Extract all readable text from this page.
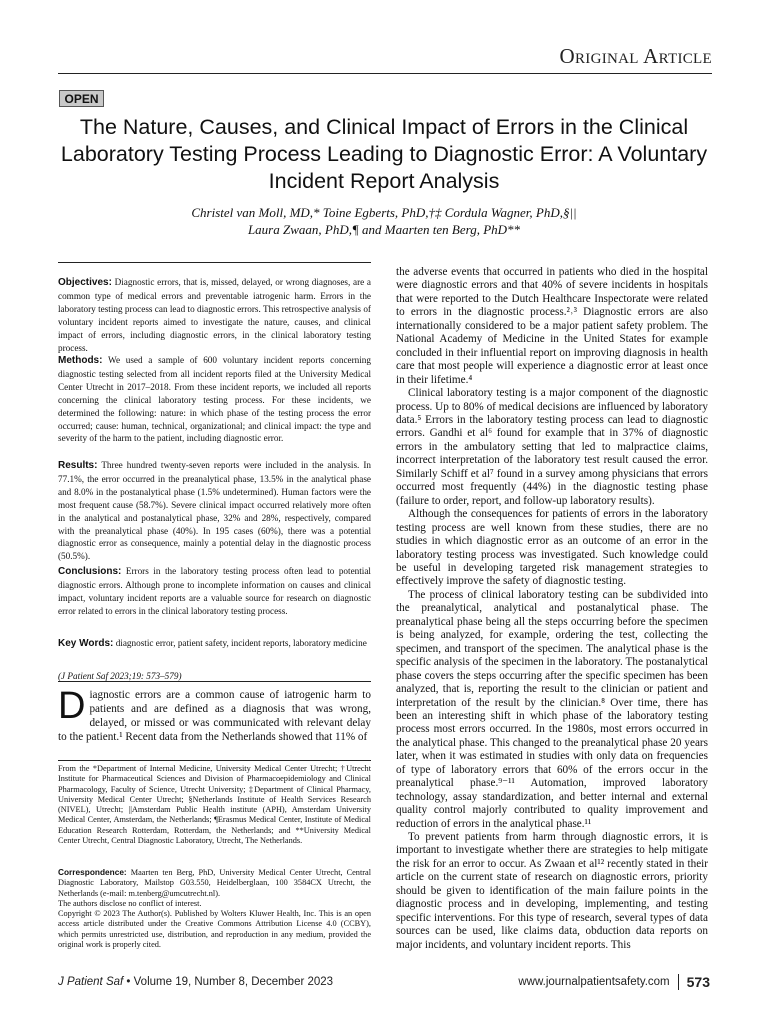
Original Article
OPEN
The Nature, Causes, and Clinical Impact of Errors in the Clinical Laboratory Testing Process Leading to Diagnostic Error: A Voluntary Incident Report Analysis
Christel van Moll, MD,* Toine Egberts, PhD,†‡ Cordula Wagner, PhD,§||
Laura Zwaan, PhD,¶ and Maarten ten Berg, PhD**

Objectives: Diagnostic errors, that is, missed, delayed, or wrong diagnoses, are a common type of medical errors and preventable iatrogenic harm. Errors in the laboratory testing process can lead to diagnostic errors. This retrospective analysis of voluntary incident reports aimed to investigate the nature, causes, and clinical impact of errors, including diagnostic errors, in the clinical laboratory testing process.

Methods: We used a sample of 600 voluntary incident reports concerning diagnostic testing selected from all incident reports filed at the University Medical Center Utrecht in 2017–2018. From these incident reports, we included all reports concerning the clinical laboratory testing process. For these incidents, we determined the following: nature: in which phase of the testing process the error occurred; cause: human, technical, organizational; and clinical impact: the type and severity of the harm to the patient, including diagnostic error.

Results: Three hundred twenty-seven reports were included in the analysis. In 77.1%, the error occurred in the preanalytical phase, 13.5% in the analytical phase and 8.0% in the postanalytical phase (1.5% undetermined). Human factors were the most frequent cause (58.7%). Severe clinical impact occurred relatively more often in the analytical and postanalytical phase, 32% and 28%, respectively, compared with the preanalytical phase (40%). In 195 cases (60%), there was a potential diagnostic error as consequence, mainly a potential delay in the diagnostic process (50.5%).

Conclusions: Errors in the laboratory testing process often lead to potential diagnostic errors. Although prone to incomplete information on causes and clinical impact, voluntary incident reports are a valuable source for research on diagnostic error related to errors in the clinical laboratory testing process.

Key Words: diagnostic error, patient safety, incident reports, laboratory medicine

(J Patient Saf 2023;19: 573–579)

Diagnostic errors are a common cause of iatrogenic harm to patients and are defined as a diagnosis that was wrong, delayed, or missed or was communicated with relevant delay to the patient.¹ Recent data from the Netherlands showed that 11% of

From the *Department of Internal Medicine, University Medical Center Utrecht; †Utrecht Institute for Pharmaceutical Sciences and Division of Pharmacoepidemiology and Clinical Pharmacology, Faculty of Science, Utrecht University; ‡Department of Clinical Pharmacy, University Medical Center Utrecht; §Netherlands Institute of Health Services Research (NIVEL), Utrecht; ||Amsterdam Public Health institute (APH), Amsterdam University Medical Center, Amsterdam, the Netherlands; ¶Erasmus Medical Center, Institute of Medical Education Research Rotterdam, Rotterdam, the Netherlands; and **University Medical Center Utrecht, Central Diagnostic Laboratory, Utrecht, The Netherlands.

Correspondence: Maarten ten Berg, PhD, University Medical Center Utrecht, Central Diagnostic Laboratory, Mailstop G03.550, Heidelberglaan, 100 3584CX Utrecht, the Netherlands (e-mail: m.tenberg@umcutrecht.nl).

The authors disclose no conflict of interest.

Copyright © 2023 The Author(s). Published by Wolters Kluwer Health, Inc. This is an open access article distributed under the Creative Commons Attribution License 4.0 (CCBY), which permits unrestricted use, distribution, and reproduction in any medium, provided the original work is properly cited.

the adverse events that occurred in patients who died in the hospital were diagnostic errors and that 40% of severe incidents in hospitals that were reported to the Dutch Healthcare Inspectorate were related to errors in the diagnostic process.²˒³ Diagnostic errors are also internationally considered to be a major patient safety problem. The National Academy of Medicine in the United States for example concluded in their influential report on improving diagnosis in health care that most people will experience a diagnostic error at least once in their lifetime.⁴

Clinical laboratory testing is a major component of the diagnostic process. Up to 80% of medical decisions are influenced by laboratory data.⁵ Errors in the laboratory testing process can lead to diagnostic errors. Gandhi et al⁶ found for example that in 37% of diagnostic errors in the ambulatory setting that led to malpractice claims, incorrect interpretation of the laboratory test result caused the error. Similarly Schiff et al⁷ found in a survey among physicians that errors occurred most frequently (44%) in the diagnostic testing phase (failure to order, report, and follow-up laboratory results).

Although the consequences for patients of errors in the laboratory testing process are well known from these studies, there are no studies in which diagnostic error as an outcome of an error in the laboratory testing process was investigated. Such knowledge could be useful in developing targeted risk management strategies to effectively improve the safety of diagnostic testing.

The process of clinical laboratory testing can be subdivided into the preanalytical, analytical and postanalytical phase. The preanalytical phase being all the steps occurring before the specimen is being analyzed, for example, ordering the test, collecting the specimen, and transport of the specimen. The analytical phase is the specific analysis of the specimen in the laboratory. The postanalytical phase covers the steps occurring after the specific specimen has been analyzed, that is, reporting the result to the clinician or patient and interpretation of the result by the clinician.⁸ Over time, there has been an interesting shift in which phase of the laboratory testing process most errors occurred. In the 1980s, most errors occurred in the analytical phase. This changed to the preanalytical phase 20 years later, when it was estimated in studies with only data on frequencies of type of laboratory errors that 60% of the errors occur in the preanalytical phase.⁹⁻¹¹ Automation, improved laboratory technology, assay standardization, and better internal and external quality control majorly contributed to quality improvement and reduction of errors in the analytical phase.¹¹

To prevent patients from harm through diagnostic errors, it is important to investigate whether there are strategies to help mitigate the risk for an error to occur. As Zwaan et al¹² recently stated in their article on the current state of research on diagnostic errors, priority should be given to identification of the main failure points in the diagnostic process and in developing, implementing, and testing specific interventions. For this type of research, several types of data sources can be used, like claims data, obduction data reports on major incidents, and voluntary incident reports. This

J Patient Saf • Volume 19, Number 8, December 2023	www.journalpatientsafety.com 573
